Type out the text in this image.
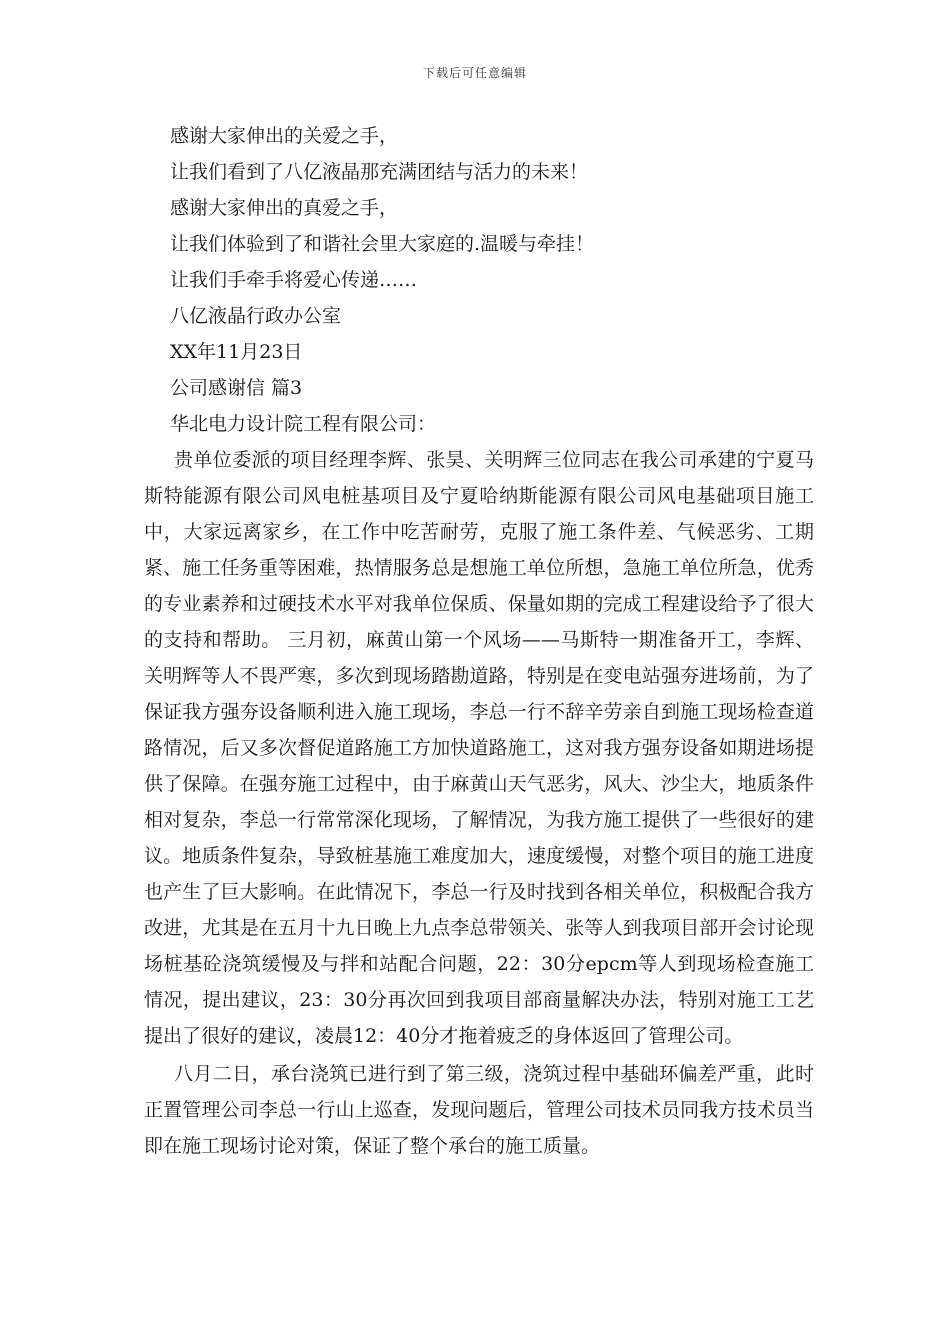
下载后可任意编辑

感谢大家伸出的关爱之手，

让我们看到了八亿液晶那充满团结与活力的未来！

感谢大家伸出的真爱之手，

让我们体验到了和谐社会里大家庭的.温暖与牵挂！

让我们手牵手将爱心传递……

八亿液晶行政办公室

XX年11月23日

公司感谢信 篇3

华北电力设计院工程有限公司：

贵单位委派的项目经理李辉、张昊、关明辉三位同志在我公司承建的宁夏马斯特能源有限公司风电桩基项目及宁夏哈纳斯能源有限公司风电基础项目施工中，大家远离家乡，在工作中吃苦耐劳，克服了施工条件差、气候恶劣、工期紧、施工任务重等困难，热情服务总是想施工单位所想，急施工单位所急，优秀的专业素养和过硬技术水平对我单位保质、保量如期的完成工程建设给予了很大的支持和帮助。 三月初，麻黄山第一个风场——马斯特一期准备开工，李辉、关明辉等人不畏严寒，多次到现场踏勘道路，特别是在变电站强夯进场前，为了保证我方强夯设备顺利进入施工现场，李总一行不辞辛劳亲自到施工现场检查道路情况，后又多次督促道路施工方加快道路施工，这对我方强夯设备如期进场提供了保障。在强夯施工过程中，由于麻黄山天气恶劣，风大、沙尘大，地质条件相对复杂，李总一行常常深化现场，了解情况，为我方施工提供了一些很好的建议。地质条件复杂，导致桩基施工难度加大，速度缓慢，对整个项目的施工进度也产生了巨大影响。在此情况下，李总一行及时找到各相关单位，积极配合我方改进，尤其是在五月十九日晚上九点李总带领关、张等人到我项目部开会讨论现场桩基砼浇筑缓慢及与拌和站配合问题，22：30分epcm等人到现场检查施工情况，提出建议，23：30分再次回到我项目部商量解决办法，特别对施工工艺提出了很好的建议，凌晨12：40分才拖着疲乏的身体返回了管理公司。

八月二日，承台浇筑已进行到了第三级，浇筑过程中基础环偏差严重，此时正置管理公司李总一行山上巡查，发现问题后，管理公司技术员同我方技术员当即在施工现场讨论对策，保证了整个承台的施工质量。
